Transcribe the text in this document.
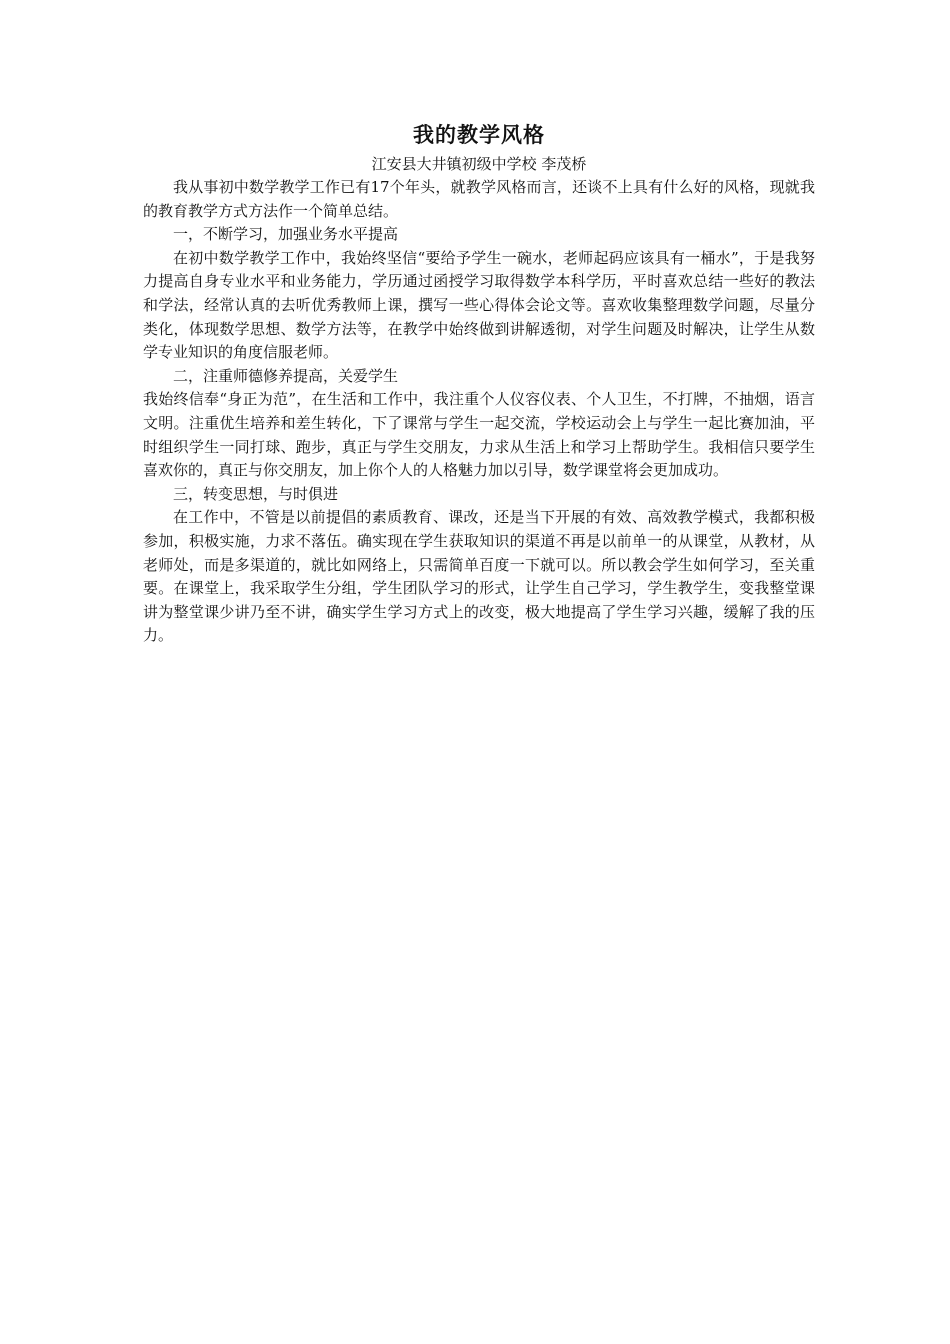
我的教学风格

江安县大井镇初级中学校 李茂桥

我从事初中数学教学工作已有17个年头，就教学风格而言，还谈不上具有什么好的风格，现就我的教育教学方式方法作一个简单总结。

一，不断学习，加强业务水平提高

在初中数学教学工作中，我始终坚信“要给予学生一碗水，老师起码应该具有一桶水”，于是我努力提高自身专业水平和业务能力，学历通过函授学习取得数学本科学历，平时喜欢总结一些好的教法和学法，经常认真的去听优秀教师上课，撰写一些心得体会论文等。喜欢收集整理数学问题，尽量分类化，体现数学思想、数学方法等，在教学中始终做到讲解透彻，对学生问题及时解决，让学生从数学专业知识的角度信服老师。

二，注重师德修养提高，关爱学生

我始终信奉“身正为范”，在生活和工作中，我注重个人仪容仪表、个人卫生，不打牌，不抽烟，语言文明。注重优生培养和差生转化，下了课常与学生一起交流，学校运动会上与学生一起比赛加油，平时组织学生一同打球、跑步，真正与学生交朋友，力求从生活上和学习上帮助学生。我相信只要学生喜欢你的，真正与你交朋友，加上你个人的人格魅力加以引导，数学课堂将会更加成功。

三，转变思想，与时俱进

在工作中，不管是以前提倡的素质教育、课改，还是当下开展的有效、高效教学模式，我都积极参加，积极实施，力求不落伍。确实现在学生获取知识的渠道不再是以前单一的从课堂，从教材，从老师处，而是多渠道的，就比如网络上，只需简单百度一下就可以。所以教会学生如何学习，至关重要。在课堂上，我采取学生分组，学生团队学习的形式，让学生自己学习，学生教学生，变我整堂课讲为整堂课少讲乃至不讲，确实学生学习方式上的改变，极大地提高了学生学习兴趣，缓解了我的压力。
